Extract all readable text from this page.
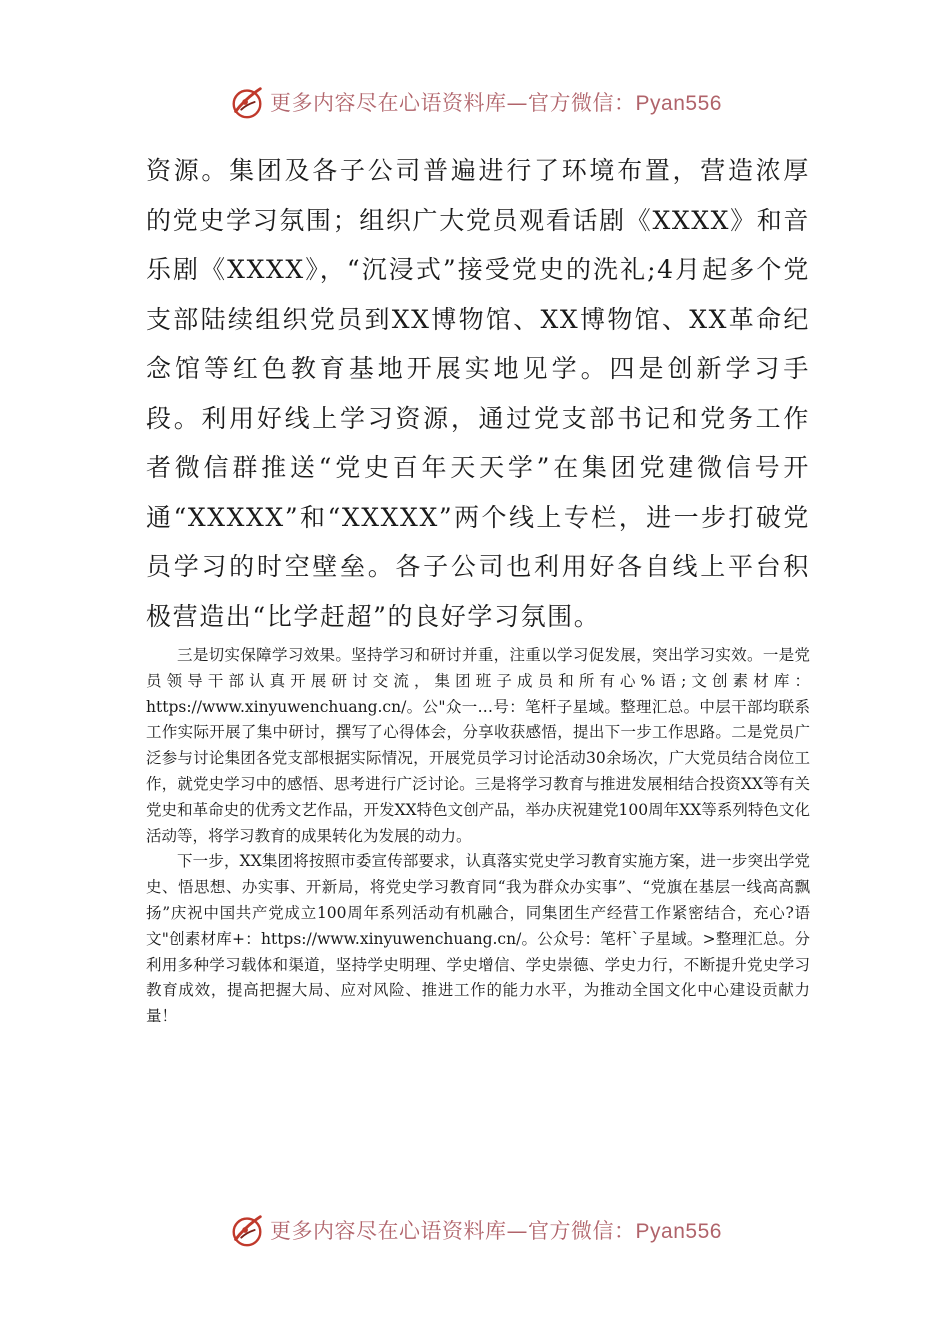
更多内容尽在心语资料库—官方微信：Pyan556

资源。集团及各子公司普遍进行了环境布置，营造浓厚的党史学习氛围；组织广大党员观看话剧《XXXX》和音乐剧《XXXX》，“沉浸式”接受党史的洗礼;4月起多个党支部陆续组织党员到XX博物馆、XX博物馆、XX革命纪念馆等红色教育基地开展实地见学。四是创新学习手段。利用好线上学习资源，通过党支部书记和党务工作者微信群推送“党史百年天天学”在集团党建微信号开通“XXXXX”和“XXXXX”两个线上专栏，进一步打破党员学习的时空壁垒。各子公司也利用好各自线上平台积极营造出“比学赶超”的良好学习氛围。

三是切实保障学习效果。坚持学习和研讨并重，注重以学习促发展，突出学习实效。一是党员领导干部认真开展研讨交流，集团班子成员和所有心%语;文创素材库：https://www.xinyuwenchuang.cn/。公"众一…号：笔杆子星域。整理汇总。中层干部均联系工作实际开展了集中研讨，撰写了心得体会，分享收获感悟，提出下一步工作思路。二是党员广泛参与讨论集团各党支部根据实际情况，开展党员学习讨论活动30余场次，广大党员结合岗位工作，就党史学习中的感悟、思考进行广泛讨论。三是将学习教育与推进发展相结合投资XX等有关党史和革命史的优秀文艺作品，开发XX特色文创产品，举办庆祝建党100周年XX等系列特色文化活动等，将学习教育的成果转化为发展的动力。

下一步，XX集团将按照市委宣传部要求，认真落实党史学习教育实施方案，进一步突出学党史、悟思想、办实事、开新局，将党史学习教育同“我为群众办实事”、“党旗在基层一线高高飘扬”庆祝中国共产党成立100周年系列活动有机融合，同集团生产经营工作紧密结合，充心?语文"创素材库+：https://www.xinyuwenchuang.cn/。公众号：笔杆`子星域。>整理汇总。分利用多种学习载体和渠道，坚持学史明理、学史增信、学史崇德、学史力行，不断提升党史学习教育成效，提高把握大局、应对风险、推进工作的能力水平，为推动全国文化中心建设贡献力量！

更多内容尽在心语资料库—官方微信：Pyan556
